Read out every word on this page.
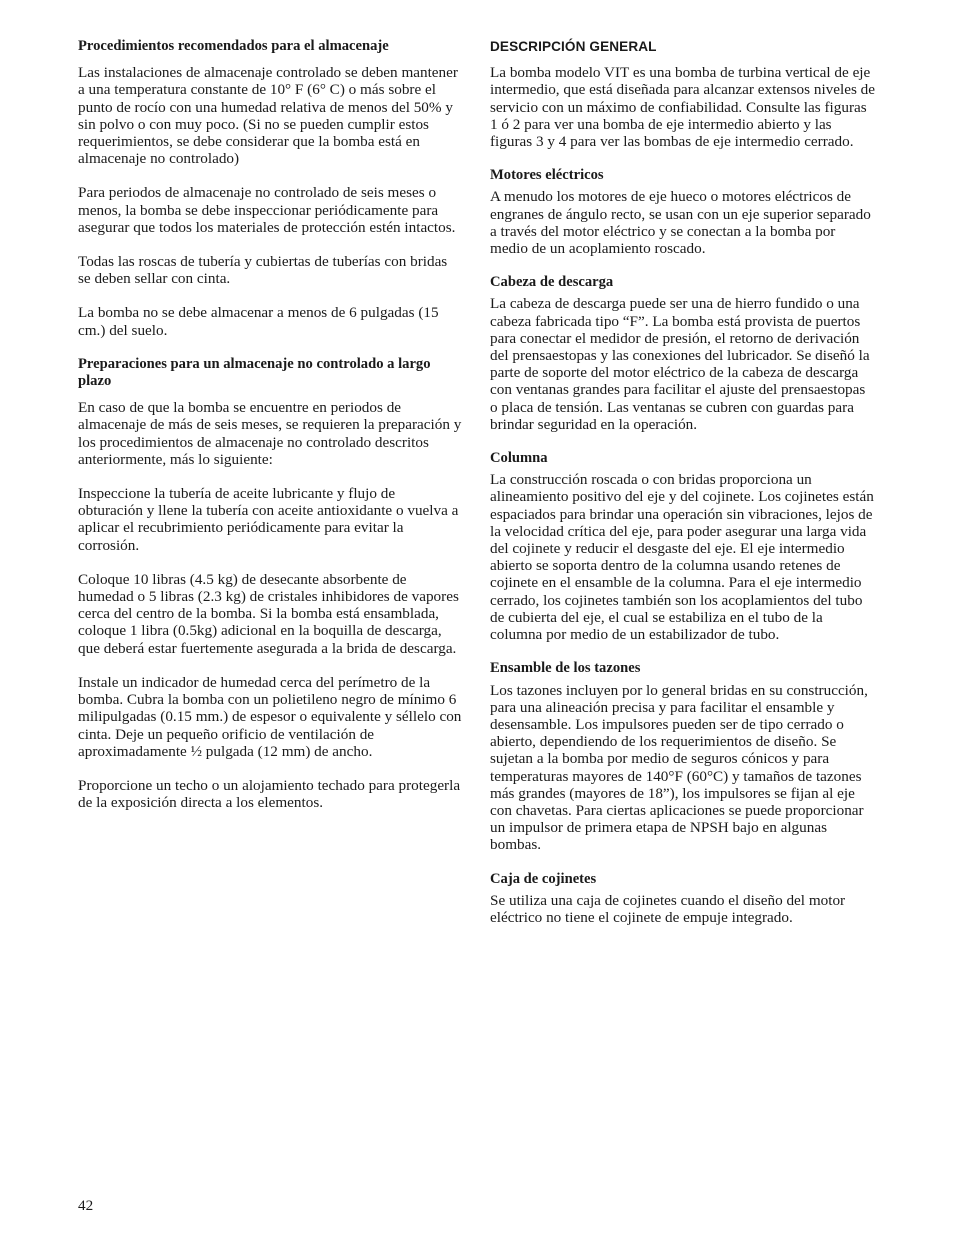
Procedimientos recomendados para el almacenaje

Las instalaciones de almacenaje controlado se deben mantener a una temperatura constante de 10° F (6° C) o más sobre el punto de rocío con una humedad relativa de menos del 50% y sin polvo o con muy poco. (Si no se pueden cumplir estos requerimientos, se debe considerar que la bomba está en almacenaje no controlado)

Para periodos de almacenaje no controlado de seis meses o menos, la bomba se debe inspeccionar periódicamente para asegurar que todos los materiales de protección estén intactos.

Todas las roscas de tubería y cubiertas de tuberías con bridas se deben sellar con cinta.

La bomba no se debe almacenar a menos de 6 pulgadas (15 cm.) del suelo.

Preparaciones para un almacenaje no controlado a largo plazo

En caso de que la bomba se encuentre en periodos de almacenaje de más de seis meses, se requieren la preparación y los procedimientos de almacenaje no controlado descritos anteriormente, más lo siguiente:

Inspeccione la tubería de aceite lubricante y flujo de obturación y llene la tubería con aceite antioxidante o vuelva a aplicar el recubrimiento periódicamente para evitar la corrosión.

Coloque 10 libras (4.5 kg) de desecante absorbente de humedad o 5 libras (2.3 kg) de cristales inhibidores de vapores cerca del centro de la bomba. Si la bomba está ensamblada, coloque 1 libra (0.5kg) adicional en la boquilla de descarga, que deberá estar fuertemente asegurada a la brida de descarga.

Instale un indicador de humedad cerca del perímetro de la bomba. Cubra la bomba con un polietileno negro de mínimo 6 milipulgadas (0.15 mm.) de espesor o equivalente y séllelo con cinta. Deje un pequeño orificio de ventilación de aproximadamente ½ pulgada (12 mm) de ancho.

Proporcione un techo o un alojamiento techado para protegerla de la exposición directa a los elementos.

DESCRIPCIÓN GENERAL

La bomba modelo VIT es una bomba de turbina vertical de eje intermedio, que está diseñada para alcanzar extensos niveles de servicio con un máximo de confiabilidad. Consulte las figuras 1 ó 2 para ver una bomba de eje intermedio abierto y las figuras 3 y 4 para ver las bombas de eje intermedio cerrado.

Motores eléctricos

A menudo los motores de eje hueco o motores eléctricos de engranes de ángulo recto, se usan con un eje superior separado a través del motor eléctrico y se conectan a la bomba por medio de un acoplamiento roscado.

Cabeza de descarga

La cabeza de descarga puede ser una de hierro fundido o una cabeza fabricada tipo “F”. La bomba está provista de puertos para conectar el medidor de presión, el retorno de derivación del prensaestopas y las conexiones del lubricador. Se diseñó la parte de soporte del motor eléctrico de la cabeza de descarga con ventanas grandes para facilitar el ajuste del prensaestopas o placa de tensión. Las ventanas se cubren con guardas para brindar seguridad en la operación.

Columna

La construcción roscada o con bridas proporciona un alineamiento positivo del eje y del cojinete. Los cojinetes están espaciados para brindar una operación sin vibraciones, lejos de la velocidad crítica del eje, para poder asegurar una larga vida del cojinete y reducir el desgaste del eje. El eje intermedio abierto se soporta dentro de la columna usando retenes de cojinete en el ensamble de la columna. Para el eje intermedio cerrado, los cojinetes también son los acoplamientos del tubo de cubierta del eje, el cual se estabiliza en el tubo de la columna por medio de un estabilizador de tubo.

Ensamble de los tazones

Los tazones incluyen por lo general bridas en su construcción, para una alineación precisa y para facilitar el ensamble y desensamble. Los impulsores pueden ser de tipo cerrado o abierto, dependiendo de los requerimientos de diseño. Se sujetan a la bomba por medio de seguros cónicos y para temperaturas mayores de 140°F (60°C) y tamaños de tazones más grandes (mayores de 18”), los impulsores se fijan al eje con chavetas. Para ciertas aplicaciones se puede proporcionar un impulsor de primera etapa de NPSH bajo en algunas bombas.

Caja de cojinetes

Se utiliza una caja de cojinetes cuando el diseño del motor eléctrico no tiene el cojinete de empuje integrado.

42
